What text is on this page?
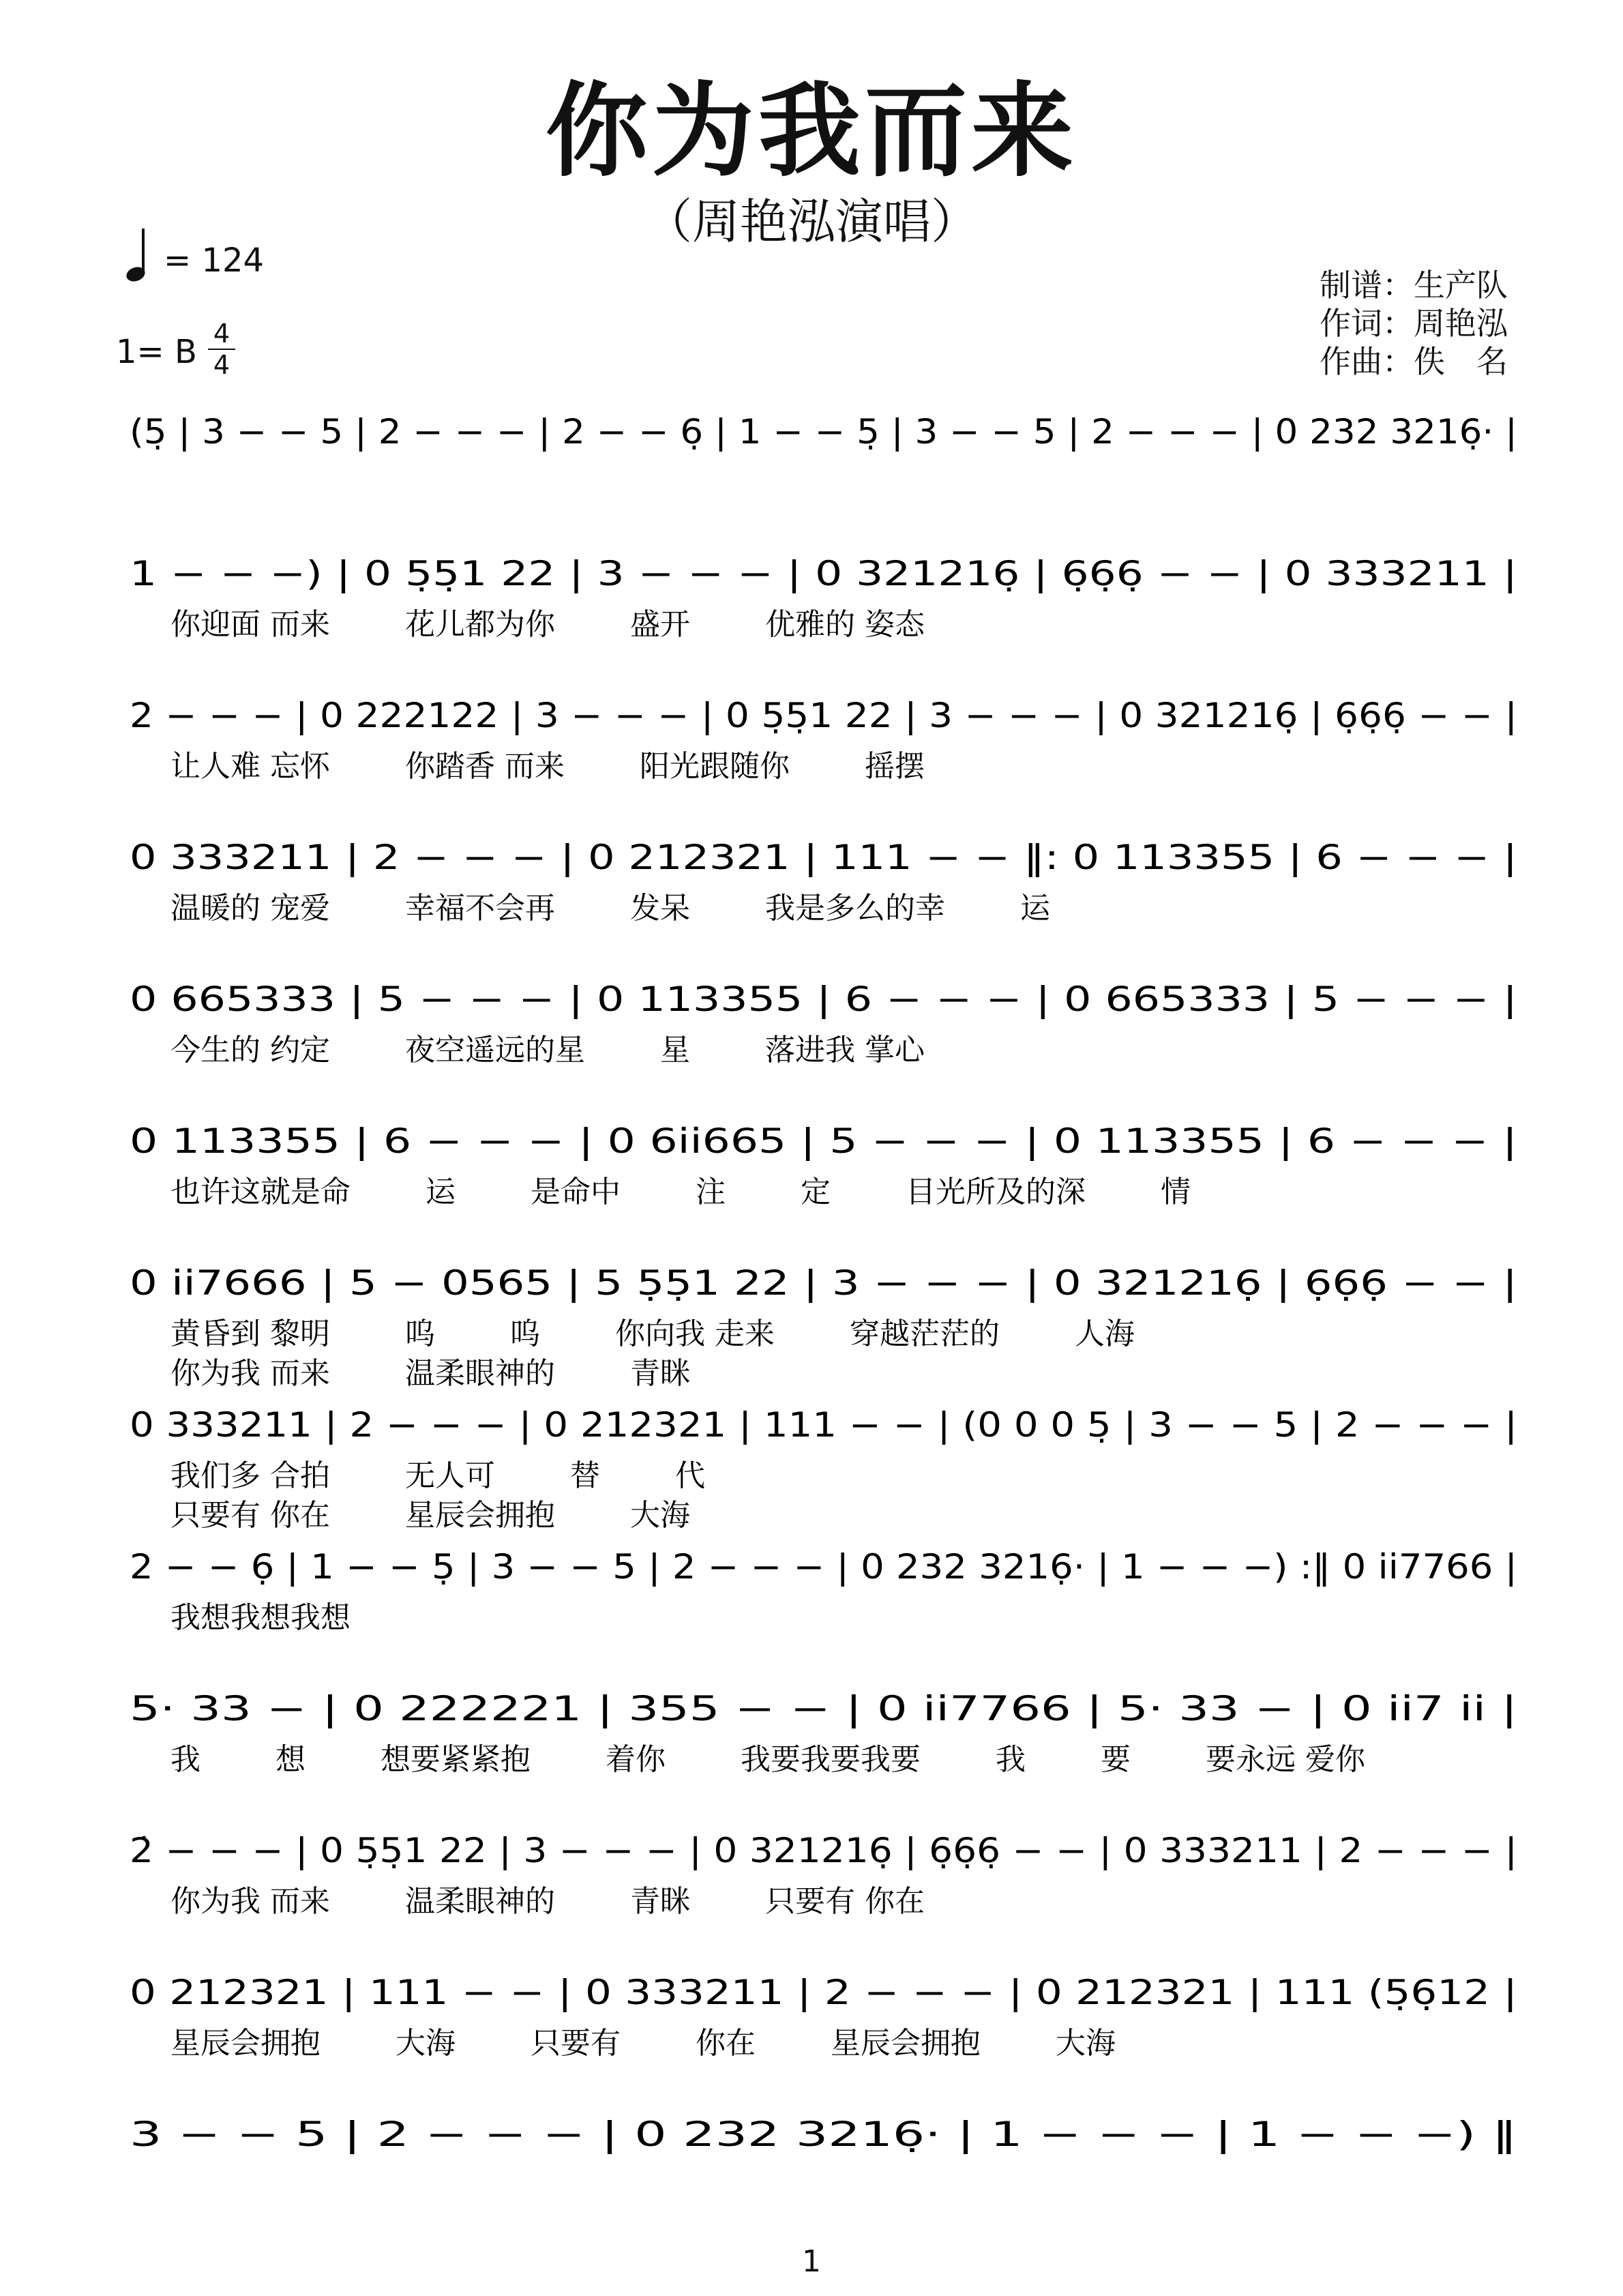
你为我而来
（周艳泓演唱）
= 124
1= B 4
4
制谱：生产队
作词：周艳泓
作曲：佚　名
(5̣ | 3 − − 5 | 2 − − − | 2 − − 6̣ | 1 − − 5̣ | 3 − − 5 | 2 − − − | 0 232 3216̣· |
1 − − −) | 0 5̣5̣1 22 | 3 − − − | 0 321216̣ | 6̣6̣6̣ − − | 0 333211 |
你迎面 而来	花儿都为你	盛开	优雅的 姿态
2 − − − | 0 222122 | 3 − − − | 0 5̣5̣1 22 | 3 − − − | 0 321216̣ | 6̣6̣6̣ − − |
让人难 忘怀	你踏香 而来	阳光跟随你	摇摆
0 333211 | 2 − − − | 0 212321 | 111 − − ‖: 0 113355 | 6 − − − |
温暖的 宠爱	幸福不会再	发呆	我是多么的幸	运
0 665333 | 5 − − − | 0 113355 | 6 − − − | 0 665333 | 5 − − − |
今生的 约定	夜空遥远的星	星	落进我 掌心
0 113355 | 6 − − − | 0 6i̇i̇665 | 5 − − − | 0 113355 | 6 − − − |
也许这就是命	运	是命中	注	定	目光所及的深	情
0 i̇i̇7666 | 5 − 0565 | 5 5̣5̣1 22 | 3 − − − | 0 321216̣ | 6̣6̣6̣ − − |
黄昏到 黎明	呜	呜	你向我 走来	穿越茫茫的	人海
你为我 而来	温柔眼神的	青眯
0 333211 | 2 − − − | 0 212321 | 111 − − | (0 0 0 5̣ | 3 − − 5 | 2 − − − |
我们多 合拍	无人可	替	代
只要有 你在	星辰会拥抱	大海
2 − − 6̣ | 1 − − 5̣ | 3 − − 5 | 2 − − − | 0 232 3216̣· | 1 − − −) :‖ 0 i̇i̇7766 |
我想我想我想
5· 33 − | 0 222221 | 355 − − | 0 i̇i̇7766 | 5· 33 − | 0 i̇i̇7 i̇i̇ |
我	想	想要紧紧抱	着你	我要我要我要	我	要	要永远 爱你
2̇ − − − | 0 5̣5̣1 22 | 3 − − − | 0 321216̣ | 6̣6̣6̣ − − | 0 333211 | 2 − − − |
你为我 而来	温柔眼神的	青眯	只要有 你在
0 212321 | 111 − − | 0 333211 | 2 − − − | 0 212321 | 111 (5̣6̣12 |
星辰会拥抱	大海	只要有	你在	星辰会拥抱	大海
3 − − 5 | 2 − − − | 0 232 3216̣· | 1 − − − | 1 − − −) ‖
1
